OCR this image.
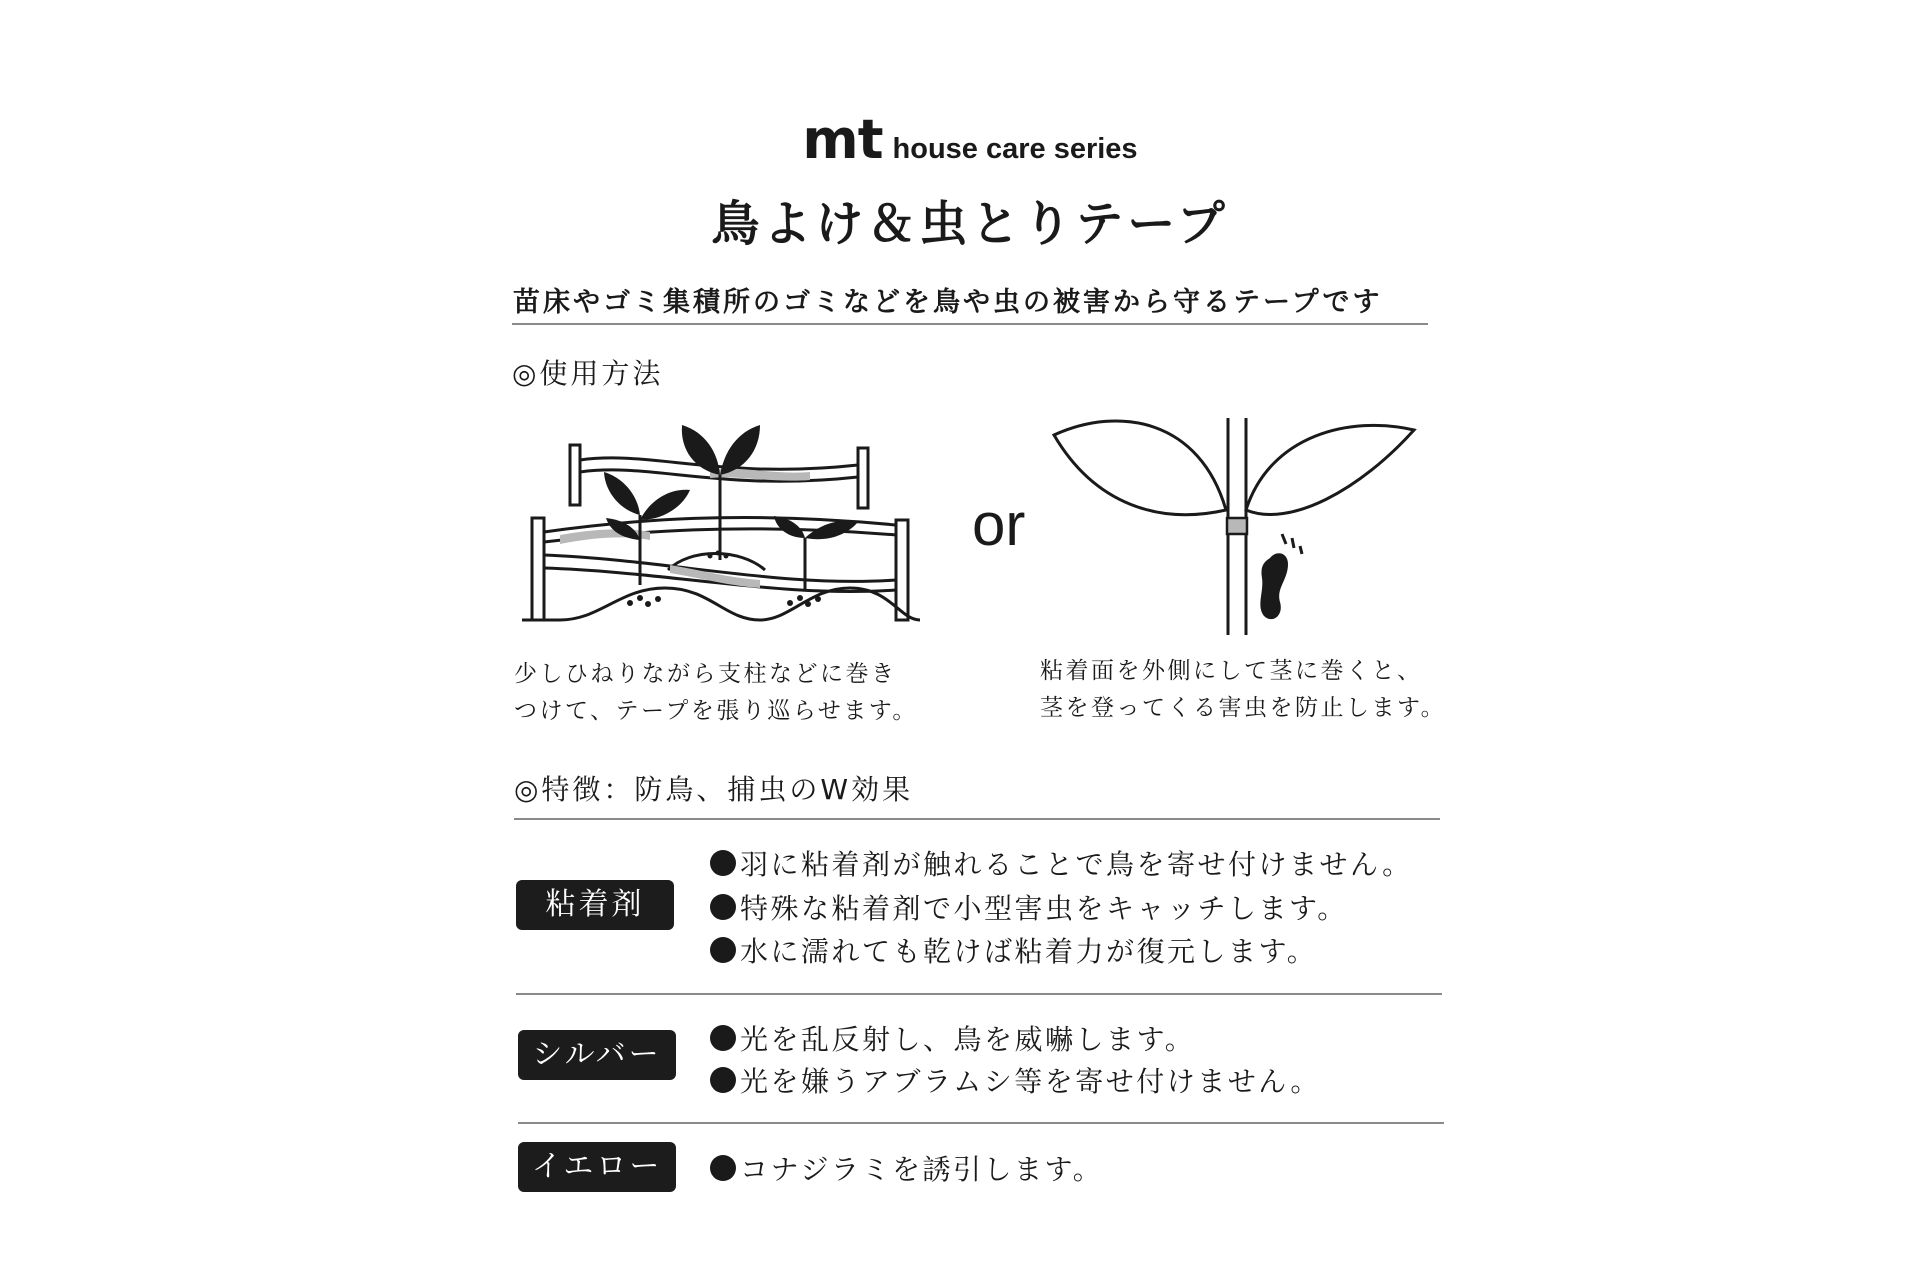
mt house care series
鳥よけ＆虫とりテープ
苗床やゴミ集積所のゴミなどを鳥や虫の被害から守るテープです
◎使用方法
or
少しひねりながら支柱などに巻き
つけて、テープを張り巡らせます。
粘着面を外側にして茎に巻くと、
茎を登ってくる害虫を防止します。
◎特徴：防鳥、捕虫のW効果
粘着剤
羽に粘着剤が触れることで鳥を寄せ付けません。
特殊な粘着剤で小型害虫をキャッチします。
水に濡れても乾けば粘着力が復元します。
シルバー	光を乱反射し、鳥を威嚇します。
光を嫌うアブラムシ等を寄せ付けません。
イエロー	コナジラミを誘引します。
